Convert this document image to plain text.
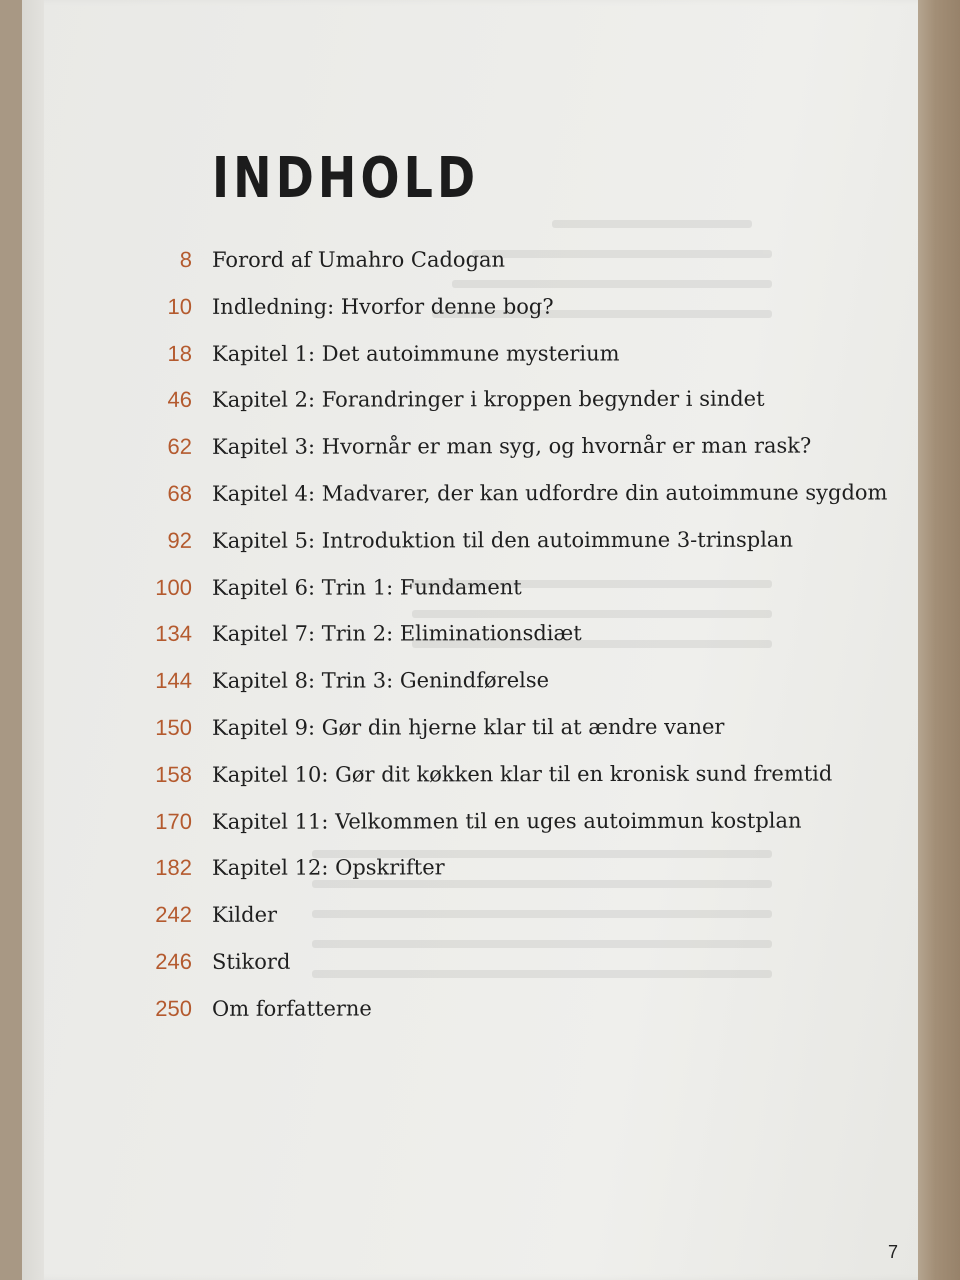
INDHOLD
8 Forord af Umahro Cadogan
10 Indledning: Hvorfor denne bog?
18 Kapitel 1: Det autoimmune mysterium
46 Kapitel 2: Forandringer i kroppen begynder i sindet
62 Kapitel 3: Hvornår er man syg, og hvornår er man rask?
68 Kapitel 4: Madvarer, der kan udfordre din autoimmune sygdom
92 Kapitel 5: Introduktion til den autoimmune 3-trinsplan
100 Kapitel 6: Trin 1: Fundament
134 Kapitel 7: Trin 2: Eliminationsdiæt
144 Kapitel 8: Trin 3: Genindførelse
150 Kapitel 9: Gør din hjerne klar til at ændre vaner
158 Kapitel 10: Gør dit køkken klar til en kronisk sund fremtid
170 Kapitel 11: Velkommen til en uges autoimmun kostplan
182 Kapitel 12: Opskrifter
242 Kilder
246 Stikord
250 Om forfatterne
7
